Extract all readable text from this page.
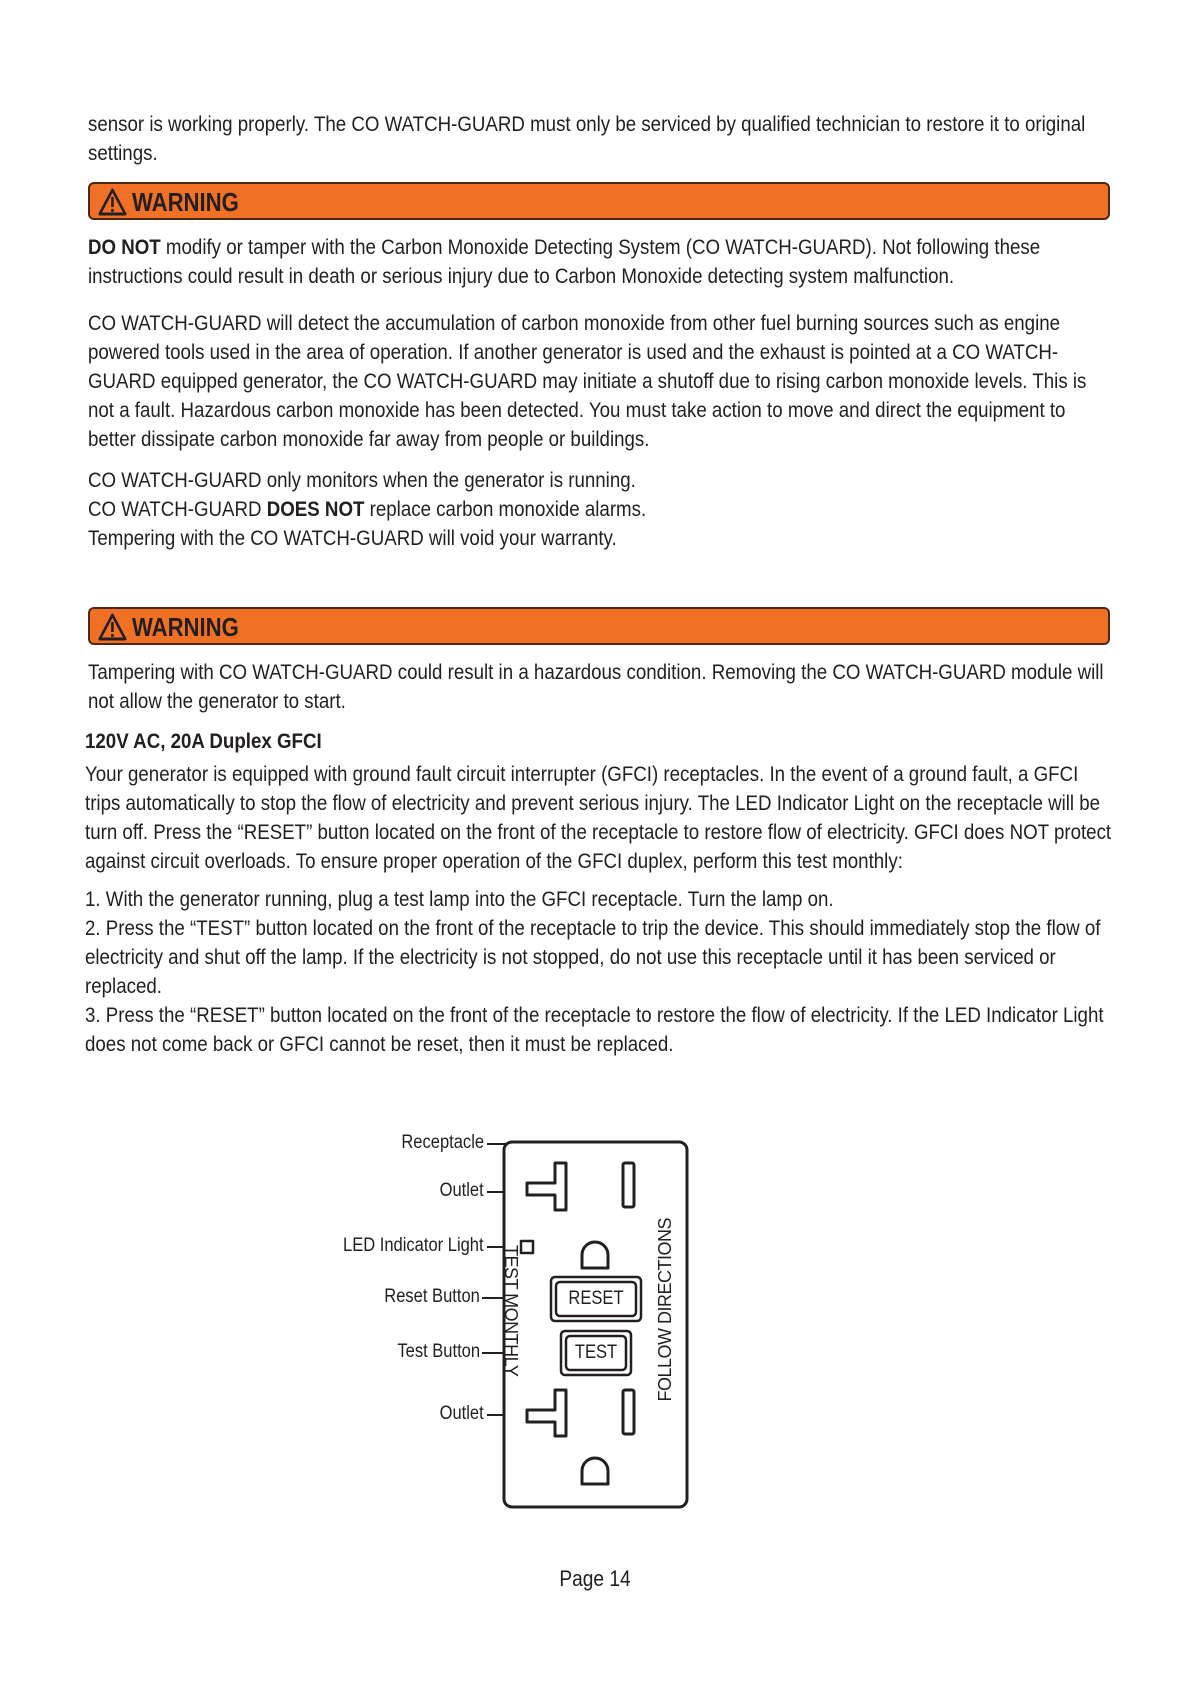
sensor is working properly. The CO WATCH-GUARD must only be serviced by qualified technician to restore it to original settings.

WARNING

DO NOT modify or tamper with the Carbon Monoxide Detecting System (CO WATCH-GUARD). Not following these instructions could result in death or serious injury due to Carbon Monoxide detecting system malfunction.

CO WATCH-GUARD will detect the accumulation of carbon monoxide from other fuel burning sources such as engine powered tools used in the area of operation. If another generator is used and the exhaust is pointed at a CO WATCH-GUARD equipped generator, the CO WATCH-GUARD may initiate a shutoff due to rising carbon monoxide levels. This is not a fault. Hazardous carbon monoxide has been detected. You must take action to move and direct the equipment to better dissipate carbon monoxide far away from people or buildings.

CO WATCH-GUARD only monitors when the generator is running.

CO WATCH-GUARD DOES NOT replace carbon monoxide alarms.

Tempering with the CO WATCH-GUARD will void your warranty.

WARNING

Tampering with CO WATCH-GUARD could result in a hazardous condition. Removing the CO WATCH-GUARD module will not allow the generator to start.

120V AC, 20A Duplex GFCI

Your generator is equipped with ground fault circuit interrupter (GFCI) receptacles. In the event of a ground fault, a GFCI trips automatically to stop the flow of electricity and prevent serious injury. The LED Indicator Light on the receptacle will be turn off. Press the “RESET” button located on the front of the receptacle to restore flow of electricity. GFCI does NOT protect against circuit overloads. To ensure proper operation of the GFCI duplex, perform this test monthly:

1. With the generator running, plug a test lamp into the GFCI receptacle. Turn the lamp on.

2. Press the “TEST” button located on the front of the receptacle to trip the device. This should immediately stop the flow of electricity and shut off the lamp. If the electricity is not stopped, do not use this receptacle until it has been serviced or replaced.

3. Press the “RESET” button located on the front of the receptacle to restore the flow of electricity. If the LED Indicator Light does not come back or GFCI cannot be reset, then it must be replaced.

Receptacle
Outlet
LED Indicator Light
Reset Button
Test Button
Outlet
RESET
TEST
TEST MONTHLY	FOLLOW DIRECTIONS
Page 14
